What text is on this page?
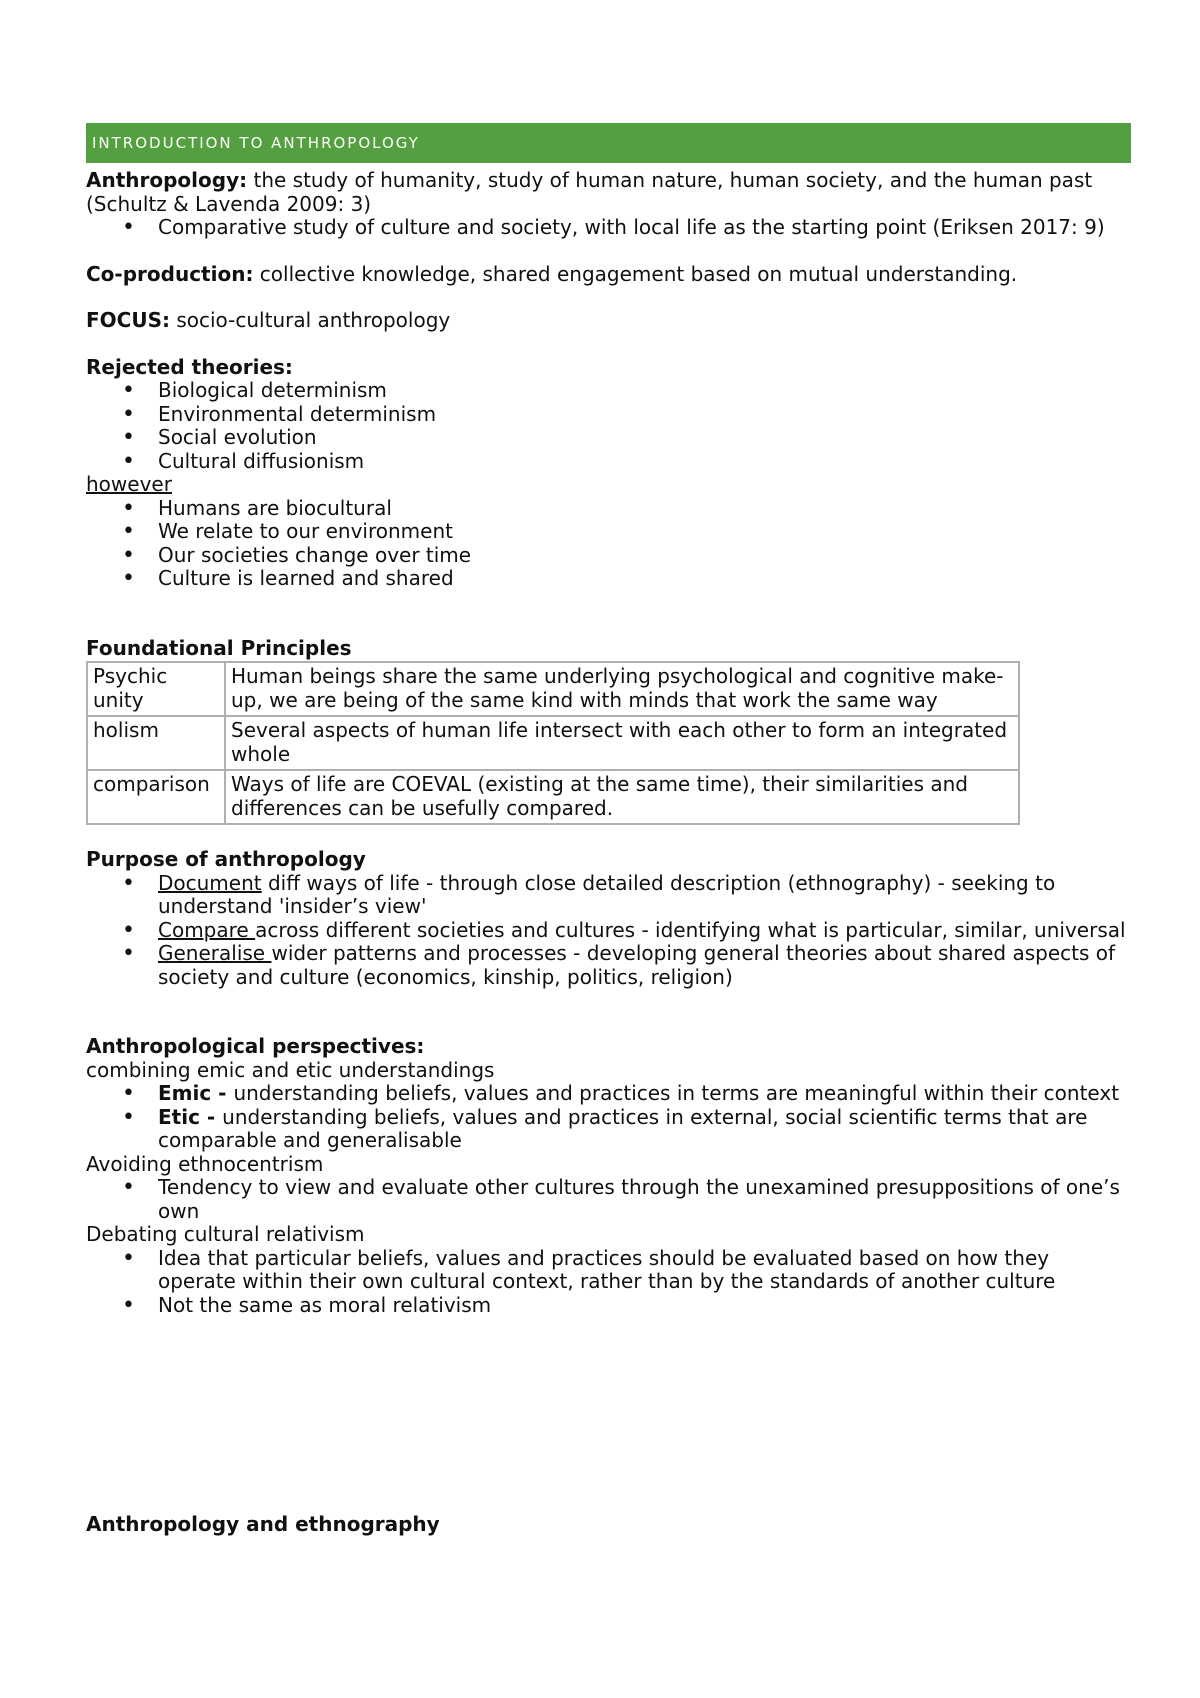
INTRODUCTION TO ANTHROPOLOGY

Anthropology: the study of humanity, study of human nature, human society, and the human past (Schultz & Lavenda 2009: 3)

• Comparative study of culture and society, with local life as the starting point (Eriksen 2017: 9)

Co-production: collective knowledge, shared engagement based on mutual understanding.

FOCUS: socio-cultural anthropology

Rejected theories:

• Biological determinism
• Environmental determinism
• Social evolution
• Cultural diffusionism

however

• Humans are biocultural
• We relate to our environment
• Our societies change over time
• Culture is learned and shared

Foundational Principles

Psychic unity	Human beings share the same underlying psychological and cognitive make-up, we are being of the same kind with minds that work the same way
holism	Several aspects of human life intersect with each other to form an integrated whole
comparison	Ways of life are COEVAL (existing at the same time), their similarities and differences can be usefully compared.

Purpose of anthropology

• Document diff ways of life - through close detailed description (ethnography) - seeking to understand 'insider’s view'
• Compare across different societies and cultures - identifying what is particular, similar, universal
• Generalise wider patterns and processes - developing general theories about shared aspects of society and culture (economics, kinship, politics, religion)

Anthropological perspectives:

combining emic and etic understandings

• Emic - understanding beliefs, values and practices in terms are meaningful within their context
• Etic - understanding beliefs, values and practices in external, social scientific terms that are comparable and generalisable

Avoiding ethnocentrism

• Tendency to view and evaluate other cultures through the unexamined presuppositions of one’s own

Debating cultural relativism

• Idea that particular beliefs, values and practices should be evaluated based on how they operate within their own cultural context, rather than by the standards of another culture
• Not the same as moral relativism

Anthropology and ethnography
